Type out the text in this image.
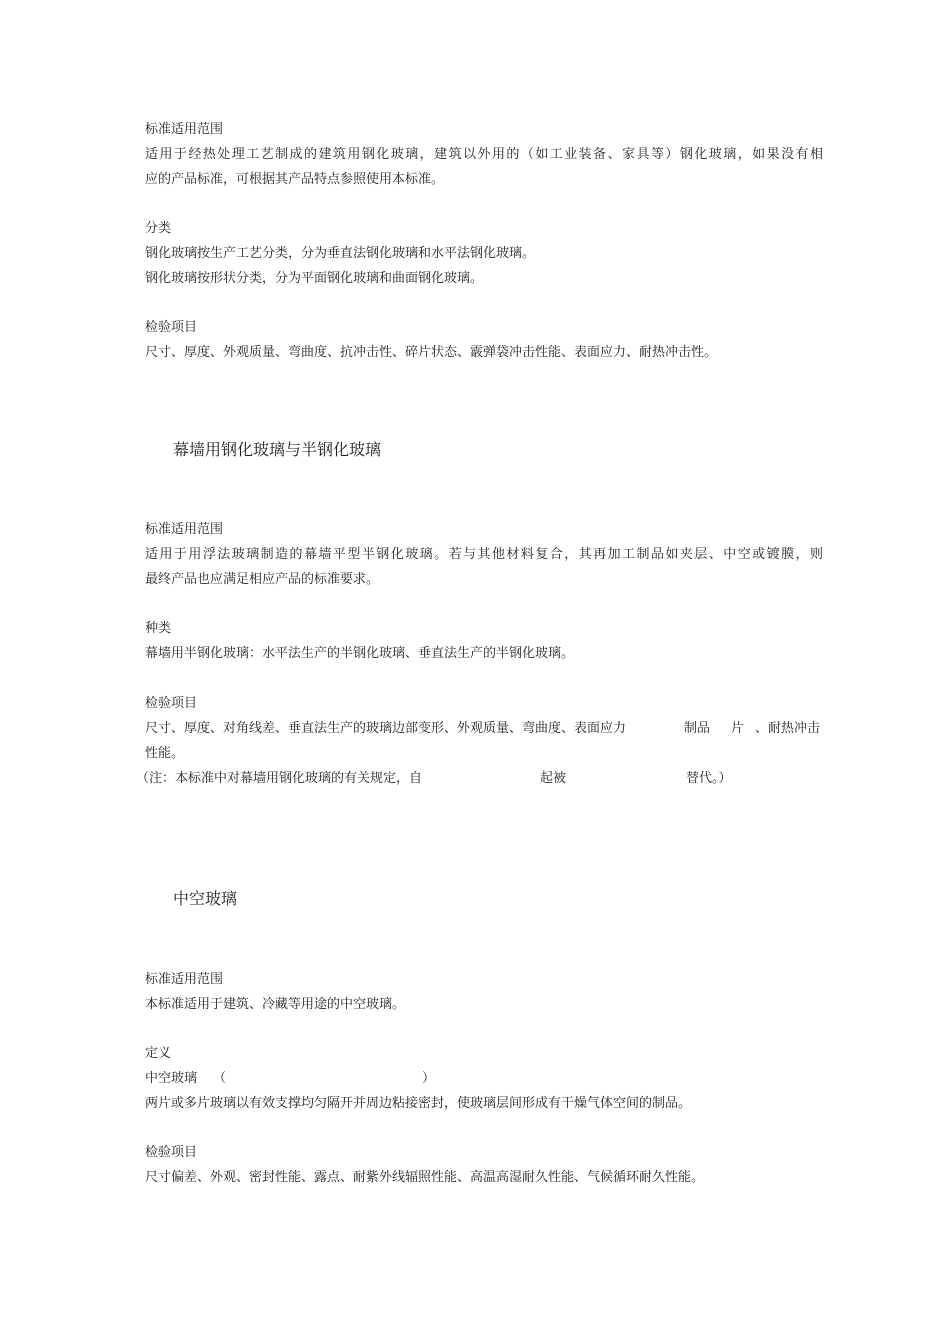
标准适用范围
适用于经热处理工艺制成的建筑用钢化玻璃，建筑以外用的（如工业装备、家具等）钢化玻璃，如果没有相
应的产品标准，可根据其产品特点参照使用本标准。
分类
钢化玻璃按生产工艺分类，分为垂直法钢化玻璃和水平法钢化玻璃。
钢化玻璃按形状分类，分为平面钢化玻璃和曲面钢化玻璃。
检验项目
尺寸、厚度、外观质量、弯曲度、抗冲击性、碎片状态、霰弹袋冲击性能、表面应力、耐热冲击性。
幕墙用钢化玻璃与半钢化玻璃
标准适用范围
适用于用浮法玻璃制造的幕墙平型半钢化玻璃。若与其他材料复合，其再加工制品如夹层、中空或镀膜，则
最终产品也应满足相应产品的标准要求。
种类
幕墙用半钢化玻璃：水平法生产的半钢化玻璃、垂直法生产的半钢化玻璃。
检验项目
尺寸、厚度、对角线差、垂直法生产的玻璃边部变形、外观质量、弯曲度、表面应力	制品 片 、耐热冲击
性能。
（注：本标准中对幕墙用钢化玻璃的有关规定，自	起被	替代。）
中空玻璃
标准适用范围
本标准适用于建筑、冷藏等用途的中空玻璃。
定义
中空玻璃 （	）
两片或多片玻璃以有效支撑均匀隔开并周边粘接密封，使玻璃层间形成有干燥气体空间的制品。
检验项目
尺寸偏差、外观、密封性能、露点、耐紫外线辐照性能、高温高湿耐久性能、气候循环耐久性能。
